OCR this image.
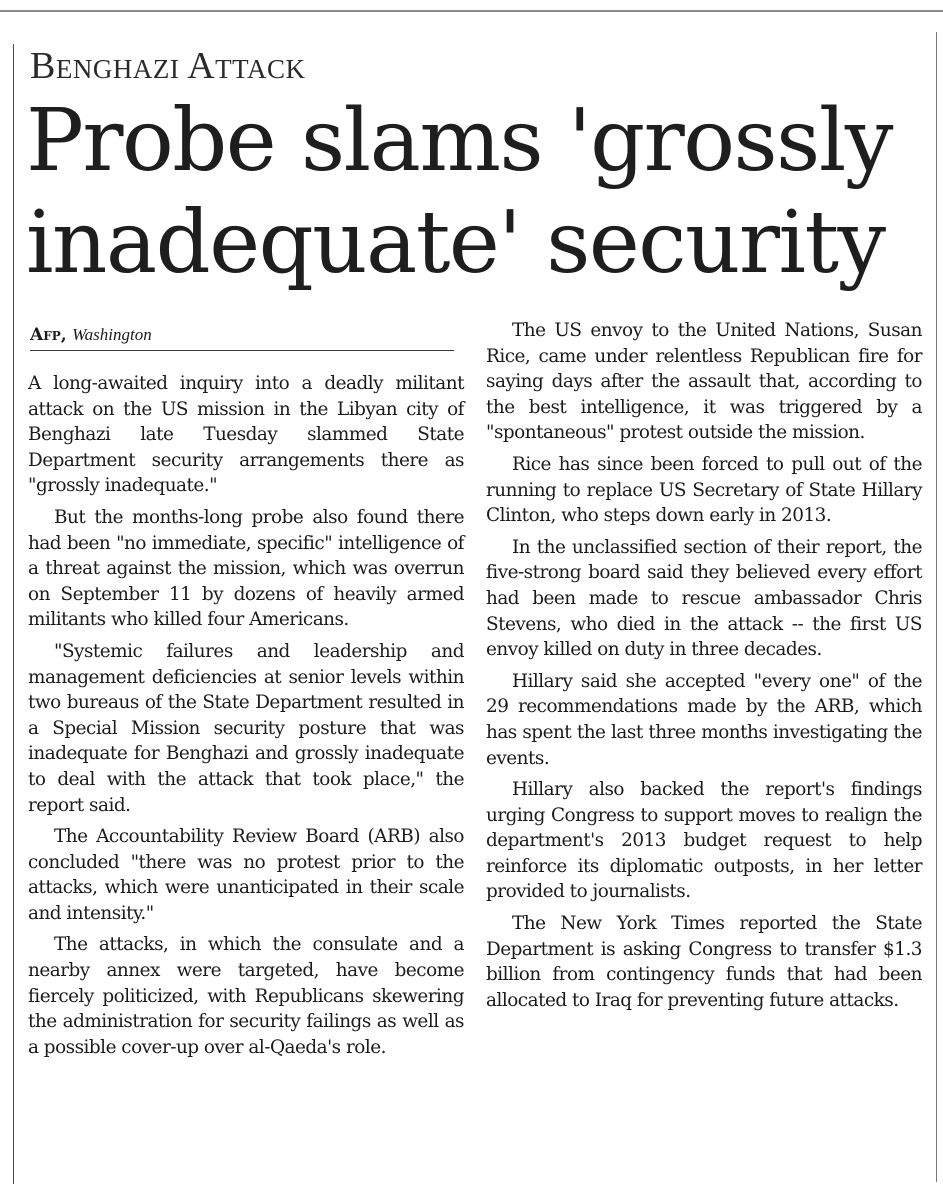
Benghazi Attack
Probe slams 'grossly
inadequate' security
Afp, Washington

A long-awaited inquiry into a deadly militant attack on the US mission in the Libyan city of Benghazi late Tuesday slammed State Department security arrangements there as "grossly inadequate."

But the months-long probe also found there had been "no immediate, specific" intelligence of a threat against the mission, which was overrun on September 11 by dozens of heavily armed militants who killed four Americans.

"Systemic failures and leadership and management deficiencies at senior levels within two bureaus of the State Department resulted in a Special Mission security posture that was inadequate for Benghazi and grossly inadequate to deal with the attack that took place," the report said.

The Accountability Review Board (ARB) also concluded "there was no protest prior to the attacks, which were unanticipated in their scale and intensity."

The attacks, in which the consulate and a nearby annex were targeted, have become fiercely politicized, with Republicans skewering the administration for security failings as well as a possible cover-up over al-Qaeda's role.

The US envoy to the United Nations, Susan Rice, came under relentless Republican fire for saying days after the assault that, according to the best intelligence, it was triggered by a "spontaneous" protest outside the mission.

Rice has since been forced to pull out of the running to replace US Secretary of State Hillary Clinton, who steps down early in 2013.

In the unclassified section of their report, the five-strong board said they believed every effort had been made to rescue ambassador Chris Stevens, who died in the attack -- the first US envoy killed on duty in three decades.

Hillary said she accepted "every one" of the 29 recommendations made by the ARB, which has spent the last three months investigating the events.

Hillary also backed the report's findings urging Congress to support moves to realign the department's 2013 budget request to help reinforce its diplomatic outposts, in her letter provided to journalists.

The New York Times reported the State Department is asking Congress to transfer $1.3 billion from contingency funds that had been allocated to Iraq for preventing future attacks.
